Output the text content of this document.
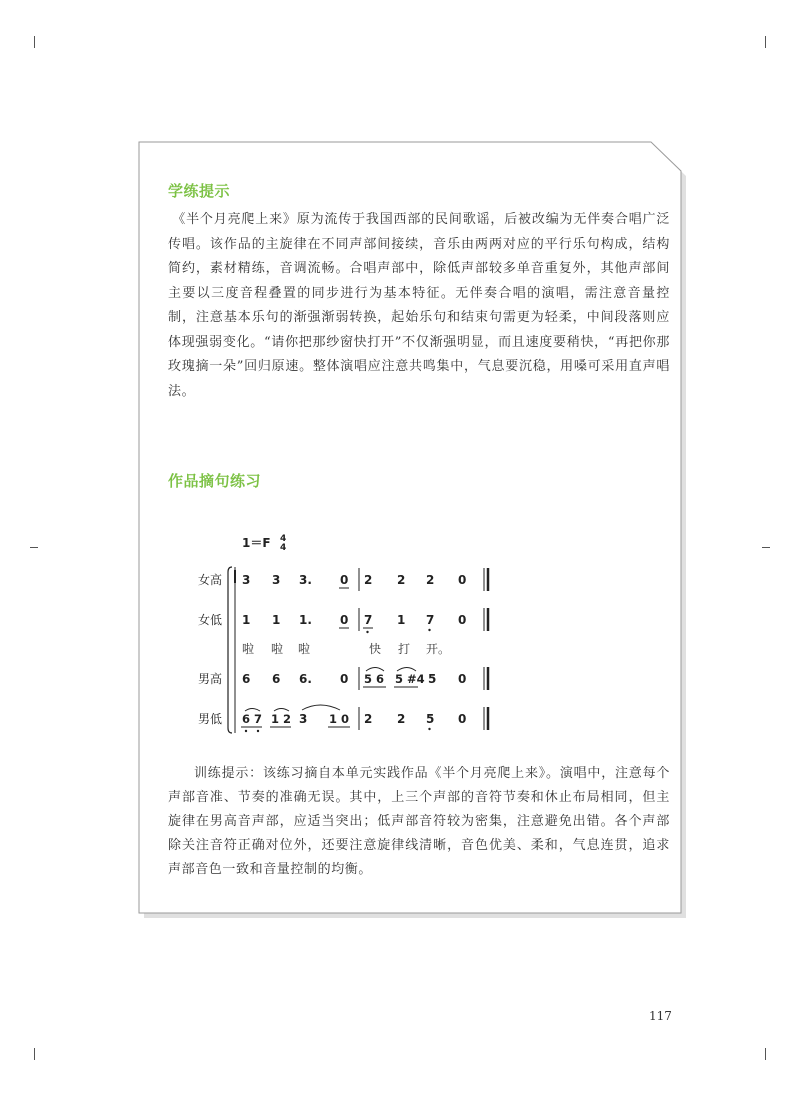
学练提示

《半个月亮爬上来》原为流传于我国西部的民间歌谣，后被改编为无伴奏合唱广泛传唱。该作品的主旋律在不同声部间接续，音乐由两两对应的平行乐句构成，结构简约，素材精练，音调流畅。合唱声部中，除低声部较多单音重复外，其他声部间主要以三度音程叠置的同步进行为基本特征。无伴奏合唱的演唱，需注意音量控制，注意基本乐句的渐强渐弱转换，起始乐句和结束句需更为轻柔，中间段落则应体现强弱变化。“请你把那纱窗快打开”不仅渐强明显，而且速度要稍快，“再把你那玫瑰摘一朵”回归原速。整体演唱应注意共鸣集中，气息要沉稳，用嗓可采用直声唱法。

作品摘句练习
1＝F 4
4
女高
女低
男高
男低
3 3 3. 0 2 2 2 0
1 1 1. 0 7 1 7 0
啦 啦 啦	快 打 开。
6 6 6. 0 5 6 5 #4 5 0
6 7 1 2 3 1 0 2 2 5 0
训练提示：该练习摘自本单元实践作品《半个月亮爬上来》。演唱中，注意每个声部音准、节奏的准确无误。其中，上三个声部的音符节奏和休止布局相同，但主旋律在男高音声部，应适当突出；低声部音符较为密集，注意避免出错。各个声部除关注音符正确对位外，还要注意旋律线清晰，音色优美、柔和，气息连贯，追求声部音色一致和音量控制的均衡。
117
